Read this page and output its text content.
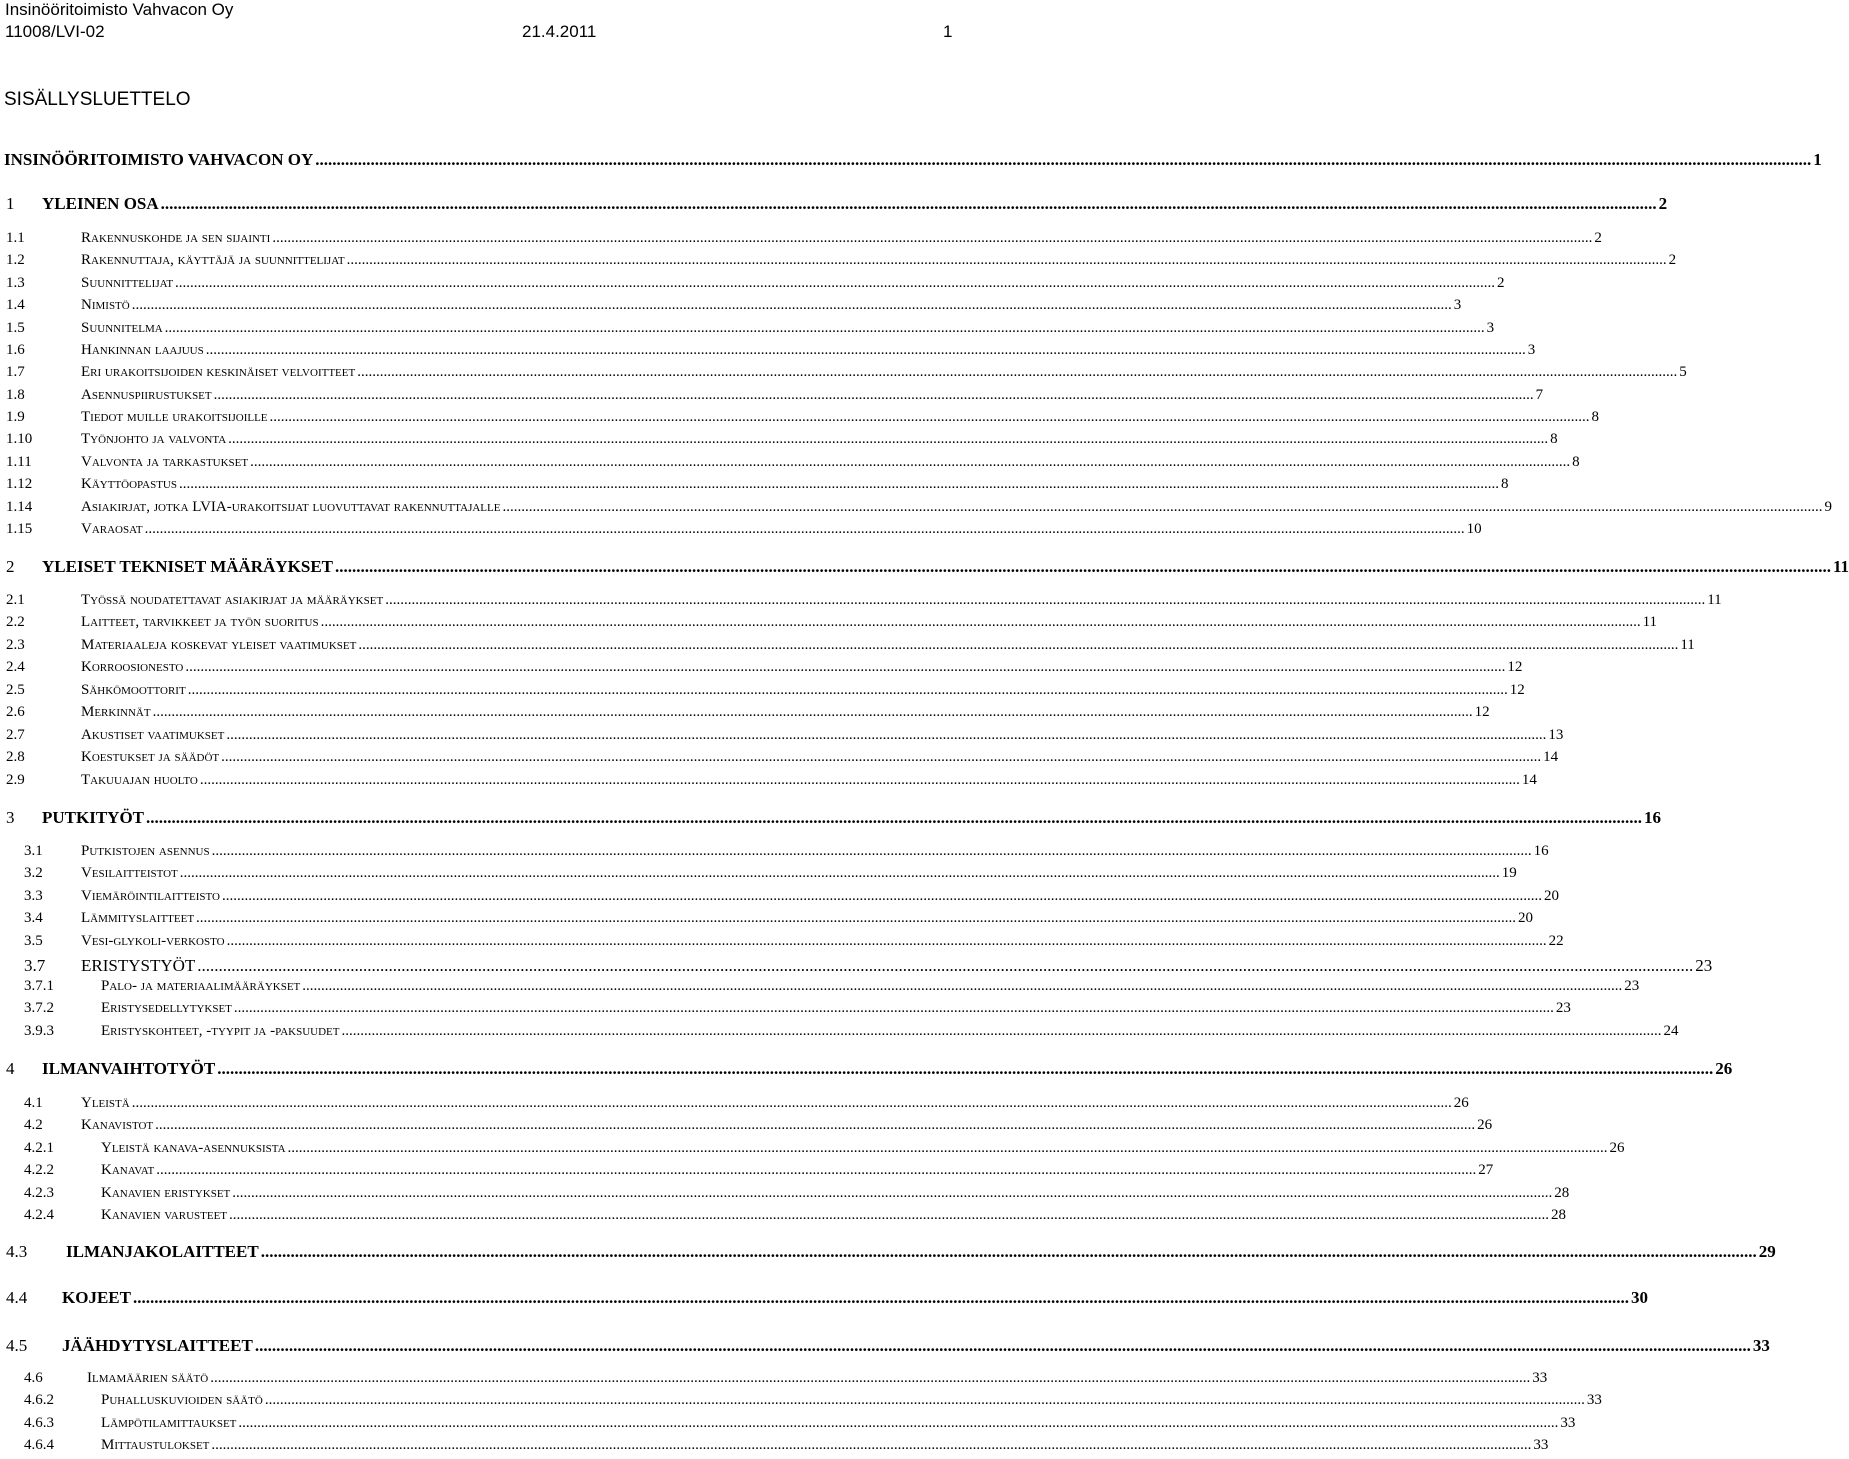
Insinööritoimisto Vahvacon Oy
11008/LVI-02	21.4.2011	1
SISÄLLYSLUETTELO
INSINÖÖRITOIMISTO VAHVACON OY .....	1
1	YLEINEN OSA .....	2
1.1	Rakennuskohde ja sen sijainti .....	2
1.2	Rakennuttaja, käyttäjä ja suunnittelijat .....	2
1.3	Suunnittelijat .....	2
1.4	Nimistö .....	3
1.5	Suunnitelma .....	3
1.6	Hankinnan laajuus .....	3
1.7	Eri urakoitsijoiden keskinäiset velvoitteet .....	5
1.8	Asennuspiirustukset .....	7
1.9	Tiedot muille urakoitsijoille .....	8
1.10	Työnjohto ja valvonta .....	8
1.11	Valvonta ja tarkastukset .....	8
1.12	Käyttöopastus .....	8
1.14	Asiakirjat, jotka LVIA-urakoitsijat luovuttavat rakennuttajalle .....	9
1.15	Varaosat .....	10
2	YLEISET TEKNISET MÄÄRÄYKSET .....	11
2.1	Työssä noudatettavat asiakirjat ja määräykset .....	11
2.2	Laitteet, tarvikkeet ja työn suoritus .....	11
2.3	Materiaaleja koskevat yleiset vaatimukset .....	11
2.4	Korroosionesto .....	12
2.5	Sähkömoottorit .....	12
2.6	Merkinnät .....	12
2.7	Akustiset vaatimukset .....	13
2.8	Koestukset ja säädöt .....	14
2.9	Takuuajan huolto .....	14
3	PUTKITYÖT .....	16
3.1	Putkistojen asennus .....	16
3.2	Vesilaitteistot .....	19
3.3	Viemäröintilaitteisto .....	20
3.4	Lämmityslaitteet .....	20
3.5	Vesi-glykoli-verkosto .....	22
3.7	ERISTYSTYÖT .....	23
3.7.1	Palo- ja materiaalimääräykset .....	23
3.7.2	Eristysedellytykset .....	23
3.9.3	Eristyskohteet, -tyypit ja -paksuudet .....	24
4	ILMANVAIHTOTYÖT .....	26
4.1	Yleistä .....	26
4.2	Kanavistot .....	26
4.2.1	Yleistä kanava-asennuksista .....	26
4.2.2	Kanavat .....	27
4.2.3	Kanavien eristykset .....	28
4.2.4	Kanavien varusteet .....	28
4.3	ILMANJAKOLAITTEET .....	29
4.4	KOJEET .....	30
4.5	JÄÄHDYTYSLAITTEET .....	33
4.6	Ilmamäärien säätö .....	33
4.6.2	Puhalluskuvioiden säätö .....	33
4.6.3	Lämpötilamittaukset .....	33
4.6.4	Mittaustulokset .....	33
